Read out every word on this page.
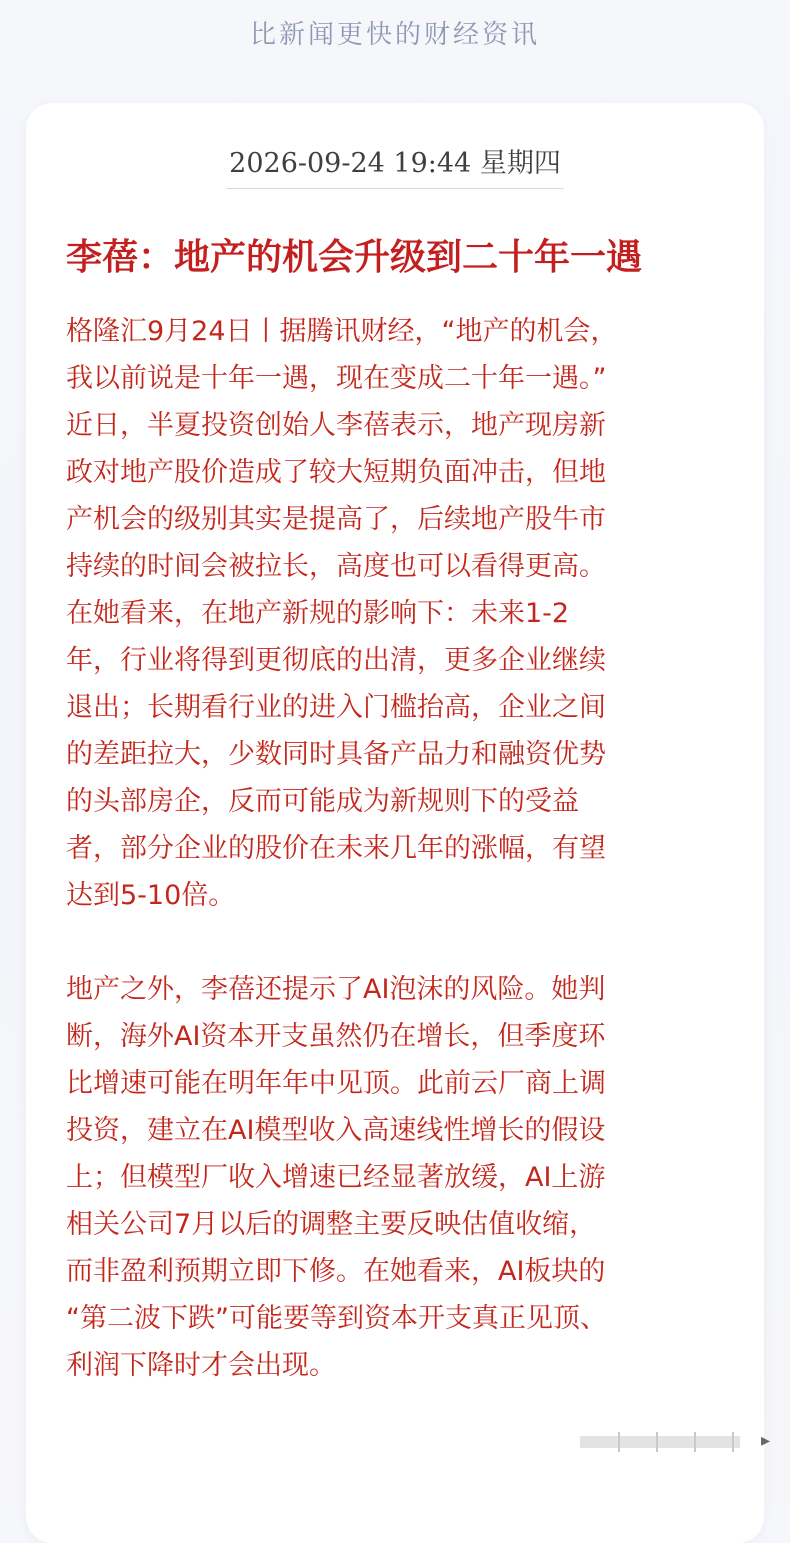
比新闻更快的财经资讯
2026-09-24 19:44 星期四
李蓓：地产的机会升级到二十年一遇

格隆汇9月24日丨据腾讯财经，“地产的机会，

我以前说是十年一遇，现在变成二十年一遇。”

近日，半夏投资创始人李蓓表示，地产现房新

政对地产股价造成了较大短期负面冲击，但地

产机会的级别其实是提高了，后续地产股牛市

持续的时间会被拉长，高度也可以看得更高。

在她看来，在地产新规的影响下：未来1-2

年，行业将得到更彻底的出清，更多企业继续

退出；长期看行业的进入门槛抬高，企业之间

的差距拉大，少数同时具备产品力和融资优势

的头部房企，反而可能成为新规则下的受益

者，部分企业的股价在未来几年的涨幅，有望

达到5-10倍。

地产之外，李蓓还提示了AI泡沫的风险。她判

断，海外AI资本开支虽然仍在增长，但季度环

比增速可能在明年年中见顶。此前云厂商上调

投资，建立在AI模型收入高速线性增长的假设

上；但模型厂收入增速已经显著放缓，AI上游

相关公司7月以后的调整主要反映估值收缩，

而非盈利预期立即下修。在她看来，AI板块的

“第二波下跌”可能要等到资本开支真正见顶、

利润下降时才会出现。

▸
